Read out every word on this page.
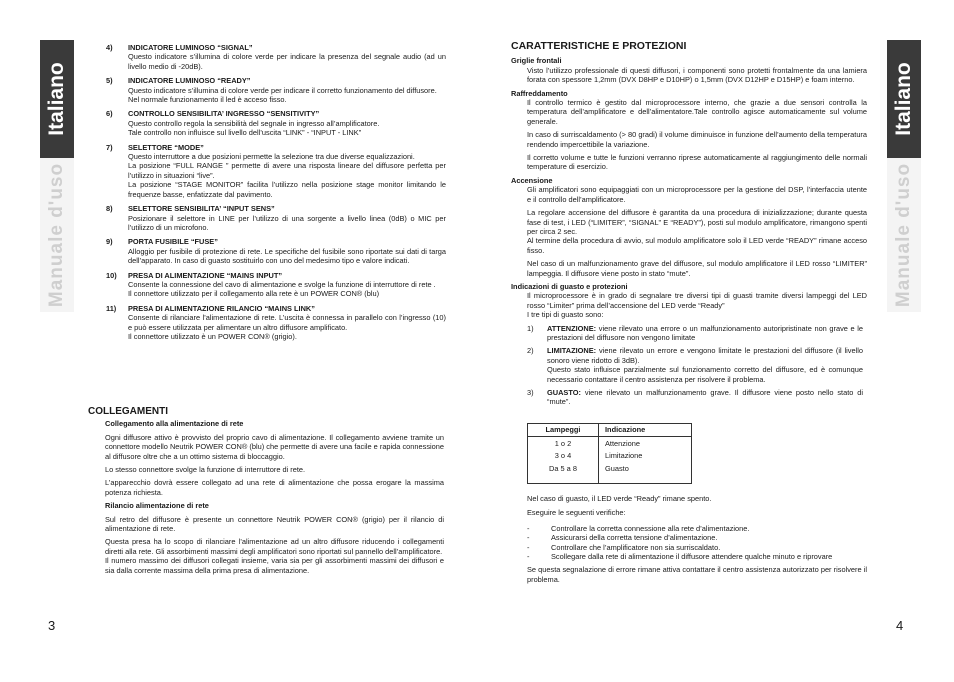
Italiano
Manuale d'uso
Italiano
Manuale d'uso
3	4
4)	INDICATORE LUMINOSO “SIGNAL”
Questo indicatore s’illumina di colore verde per indicare la presenza del segnale audio (ad un livello medio di -20dB).
5)	INDICATORE LUMINOSO “READY”
Questo indicatore s’illumina di colore verde per indicare il corretto funzionamento del diffusore.
Nel normale funzionamento il led è acceso fisso.
6)	CONTROLLO SENSIBILITA’ INGRESSO “SENSITIVITY”
Questo controllo regola la sensibilità del segnale in ingresso all’amplificatore.
Tale controllo non influisce sul livello dell’uscita “LINK” - “INPUT - LINK”
7)	SELETTORE “MODE”
Questo interruttore a due posizioni permette la selezione tra due diverse equalizzazioni.
La posizione “FULL RANGE ” permette di avere una risposta lineare del diffusore perfetta per l’utilizzo in situazioni “live”.
La posizione “STAGE MONITOR” facilita l’utilizzo nella posizione stage monitor limitando le frequenze basse, enfatizzate dal pavimento.
8)	SELETTORE SENSIBILITA’ “INPUT SENS”
Posizionare il selettore in LINE per l’utilizzo di una sorgente a livello linea (0dB) o MIC per l’utilizzo di un microfono.
9)	PORTA FUSIBILE “FUSE”
Alloggio per fusibile di protezione di rete. Le specifiche del fusibile sono riportate sui dati di targa dell’apparato. In caso di guasto sostituirlo con uno del medesimo tipo e valore indicati.
10)	PRESA DI ALIMENTAZIONE “MAINS INPUT”
Consente la connessione del cavo di alimentazione e svolge la funzione di interruttore di rete .
Il connettore utilizzato per il collegamento alla rete è un POWER CON® (blu)
11)	PRESA DI ALIMENTAZIONE RILANCIO “MAINS LINK”
Consente di rilanciare l’alimentazione di rete. L’uscita è connessa in parallelo con l’ingresso (10) e può essere utilizzata per alimentare un altro diffusore amplificato.
Il connettore utilizzato è un POWER CON® (grigio).
COLLEGAMENTI
Collegamento alla alimentazione di rete

Ogni diffusore attivo è provvisto del proprio cavo di alimentazione. Il collegamento avviene tramite un connettore modello Neutrik POWER CON® (blu) che permette di avere una facile e rapida connessione al diffusore oltre che a un ottimo sistema di bloccaggio.

Lo stesso connettore svolge la funzione di interruttore di rete.

L’apparecchio dovrà essere collegato ad una rete di alimentazione che possa erogare la massima potenza richiesta.

Rilancio alimentazione di rete

Sul retro del diffusore è presente un connettore Neutrik POWER CON® (grigio) per il rilancio di alimentazione di rete.

Questa presa ha lo scopo di rilanciare l’alimentazione ad un altro diffusore riducendo i collegamenti diretti alla rete. Gli assorbimenti massimi degli amplificatori sono riportati sul pannello dell’amplificatore.

Il numero massimo dei diffusori collegati insieme, varia sia per gli assorbimenti massimi dei diffusori e sia dalla corrente massima della prima presa di alimentazione.

CARATTERISTICHE E PROTEZIONI
Griglie frontali

Visto l’utilizzo professionale di questi diffusori, i componenti sono protetti frontalmente da una lamiera forata con spessore 1,2mm (DVX D8HP e D10HP) o 1,5mm (DVX D12HP e D15HP) e foam interno.

Raffreddamento

Il controllo termico è gestito dal microprocessore interno, che grazie a due sensori controlla la temperatura dell’amplificatore e dell’alimentatore.Tale controllo agisce automaticamente sul volume generale.

In caso di surriscaldamento (> 80 gradi) il volume diminuisce in funzione dell’aumento della temperatura rendendo impercettibile la variazione.

Il corretto volume e tutte le funzioni verranno riprese automaticamente al raggiungimento delle normali temperature di esercizio.

Accensione

Gli amplificatori sono equipaggiati con un microprocessore per la gestione del DSP, l’interfaccia utente e il controllo dell’amplificatore.

La regolare accensione del diffusore è garantita da una procedura di inizializzazione; durante questa fase di test, i LED (“LIMITER”, “SIGNAL” E “READY”), posti sul modulo amplificatore, rimangono spenti per circa 2 sec.

Al termine della procedura di avvio, sul modulo amplificatore solo il LED verde “READY” rimane acceso fisso.

Nel caso di un malfunzionamento grave del diffusore, sul modulo amplificatore il LED rosso “LIMITER” lampeggia. Il diffusore viene posto in stato “mute”.

Indicazioni di guasto e protezioni

Il microprocessore è in grado di segnalare tre diversi tipi di guasti tramite diversi lampeggi del LED rosso “Limiter” prima dell’accensione del LED verde “Ready”

I tre tipi di guasto sono:

1)	ATTENZIONE: viene rilevato una errore o un malfunzionamento autoripristinate non grave e le prestazioni del diffusore non vengono limitate
2)	LIMITAZIONE: viene rilevato un errore e vengono limitate le prestazioni del diffusore (il livello sonoro viene ridotto di 3dB).
Questo stato influisce parzialmente sul funzionamento corretto del diffusore, ed è comunque necessario contattare il centro assistenza per risolvere il problema.
3)	GUASTO: viene rilevato un malfunzionamento grave. Il diffusore viene posto nello stato di “mute”.
Lampeggi	Indicazione
1 o 2	Attenzione
3 o 4	Limitazione
Da 5 a 8	Guasto

Nel caso di guasto, il LED verde “Ready” rimane spento.

Eseguire le seguenti verifiche:

-	Controllare la corretta connessione alla rete d’alimentazione.
-	Assicurarsi della corretta tensione d’alimentazione.
-	Controllare che l’amplificatore non sia surriscaldato.
-	Scollegare dalla rete di alimentazione il diffusore attendere qualche minuto e riprovare

Se questa segnalazione di errore rimane attiva contattare il centro assistenza autorizzato per risolvere il problema.
